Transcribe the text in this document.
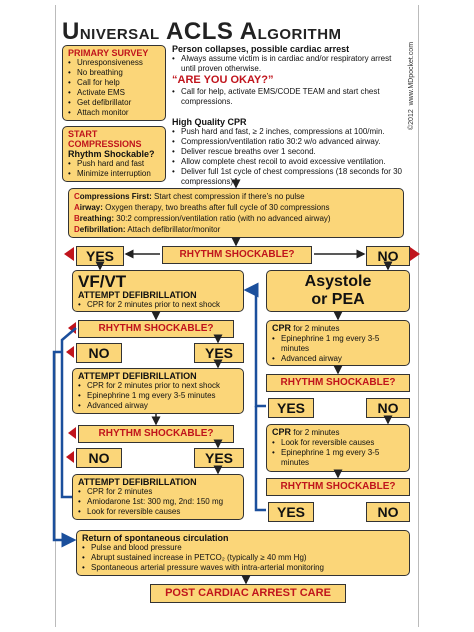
UNIVERSAL ACLS ALGORITHM
©2012  www.MDpocket.com
PRIMARY SURVEY
• Unresponsiveness
• No breathing
• Call for help
• Activate EMS
• Get defibrillator
• Attach monitor
Person collapses, possible cardiac arrest
• Always assume victim is in cardiac and/or respiratory arrest until proven otherwise.
“ARE YOU OKAY?”
• Call for help, activate EMS/CODE TEAM and start chest compressions.
START
COMPRESSIONS
Rhythm Shockable?
• Push hard and fast
• Minimize interruption
High Quality CPR
• Push hard and fast, ≥ 2 inches, compressions at 100/min.
• Compression/ventilation ratio 30:2 w/o advanced airway.
• Deliver rescue breaths over 1 second.
• Allow complete chest recoil to avoid excessive ventilation.
• Deliver full 1st cycle of chest compressions (18 seconds for 30 compressions).
Compressions First: Start chest compression if there’s no pulse
Airway: Oxygen therapy, two breaths after full cycle of 30 compressions
Breathing: 30:2 compression/ventilation ratio (with no advanced airway)
Defibrillation: Attach defibrillator/monitor
YES	RHYTHM SHOCKABLE?	NO
VF/VT
ATTEMPT DEFIBRILLATION
• CPR for 2 minutes prior to next shock
Asystole
or PEA
RHYTHM SHOCKABLE?
NO	YES
CPR for 2 minutes
• Epinephrine 1 mg every 3-5 minutes
• Advanced airway
ATTEMPT DEFIBRILLATION
• CPR for 2 minutes prior to next shock
• Epinephrine 1 mg every 3-5 minutes
• Advanced airway
RHYTHM SHOCKABLE?
YES	NO
RHYTHM SHOCKABLE?
NO	YES
CPR for 2 minutes
• Look for reversible causes
• Epinephrine 1 mg every 3-5 minutes
ATTEMPT DEFIBRILLATION
• CPR for 2 minutes
• Amiodarone 1st: 300 mg, 2nd: 150 mg
• Look for reversible causes
RHYTHM SHOCKABLE?
YES	NO
Return of spontaneous circulation
• Pulse and blood pressure
• Abrupt sustained increase in PETCO₂ (typically ≥ 40 mm Hg)
• Spontaneous arterial pressure waves with intra-arterial monitoring
POST CARDIAC ARREST CARE
